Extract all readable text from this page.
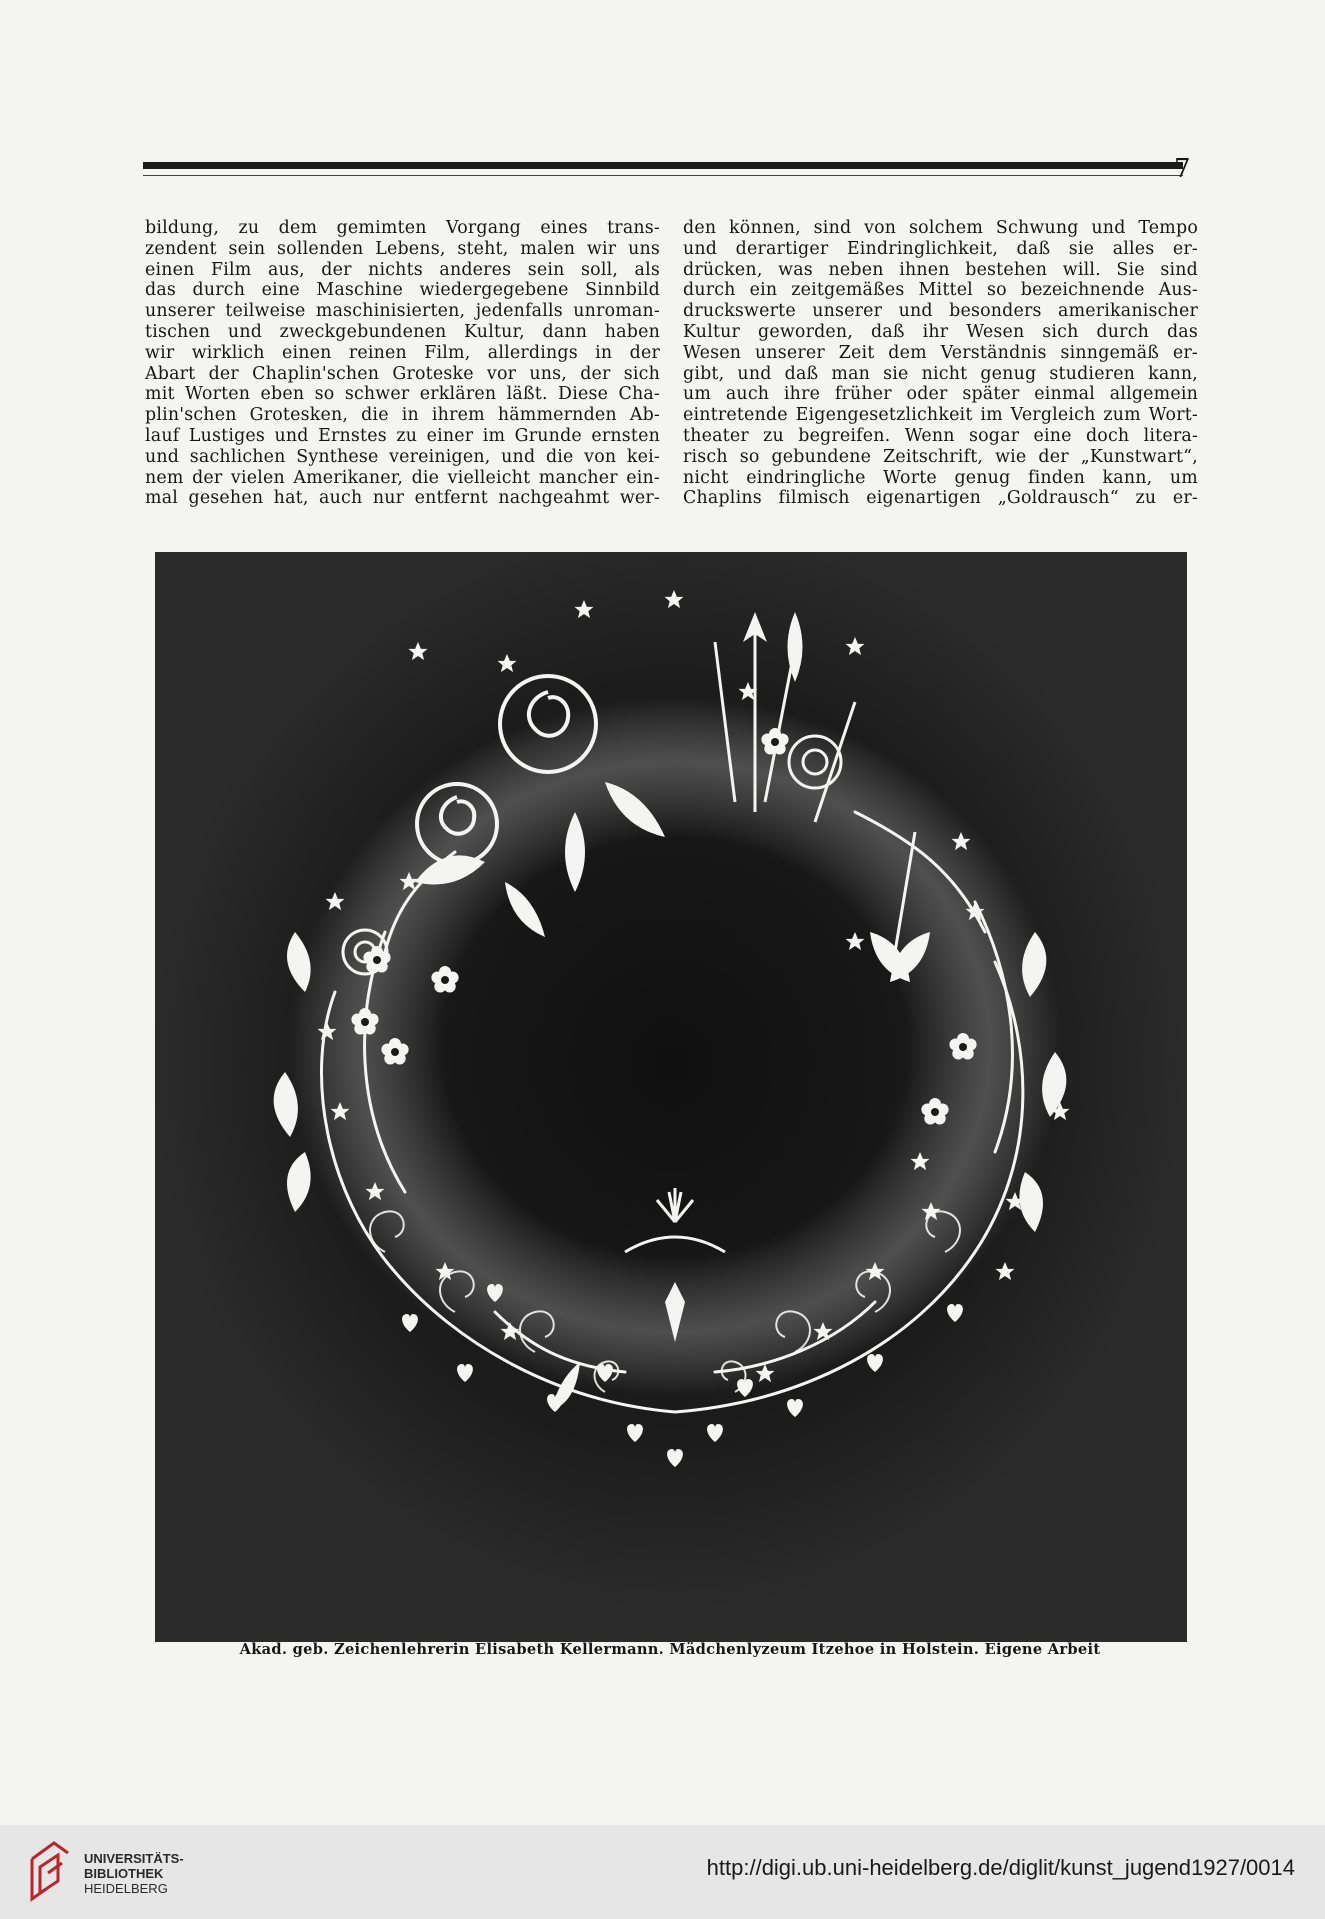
7
bildung, zu dem gemimten Vorgang eines trans-
zendent sein sollenden Lebens, steht, malen wir uns
einen Film aus, der nichts anderes sein soll, als
das durch eine Maschine wiedergegebene Sinnbild
unserer teilweise maschinisierten, jedenfalls unroman-
tischen und zweckgebundenen Kultur, dann haben
wir wirklich einen reinen Film, allerdings in der
Abart der Chaplin'schen Groteske vor uns, der sich
mit Worten eben so schwer erklären läßt. Diese Cha-
plin'schen Grotesken, die in ihrem hämmernden Ab-
lauf Lustiges und Ernstes zu einer im Grunde ernsten
und sachlichen Synthese vereinigen, und die von kei-
nem der vielen Amerikaner, die vielleicht mancher ein-
mal gesehen hat, auch nur entfernt nachgeahmt wer-
den können, sind von solchem Schwung und Tempo
und derartiger Eindringlichkeit, daß sie alles er-
drücken, was neben ihnen bestehen will. Sie sind
durch ein zeitgemäßes Mittel so bezeichnende Aus-
druckswerte unserer und besonders amerikanischer
Kultur geworden, daß ihr Wesen sich durch das
Wesen unserer Zeit dem Verständnis sinngemäß er-
gibt, und daß man sie nicht genug studieren kann,
um auch ihre früher oder später einmal allgemein
eintretende Eigengesetzlichkeit im Vergleich zum Wort-
theater zu begreifen. Wenn sogar eine doch litera-
risch so gebundene Zeitschrift, wie der „Kunstwart“,
nicht eindringliche Worte genug finden kann, um
Chaplins filmisch eigenartigen „Goldrausch“ zu er-
Akad. geb. Zeichenlehrerin Elisabeth Kellermann. Mädchenlyzeum Itzehoe in Holstein. Eigene Arbeit
UNIVERSITÄTS-
BIBLIOTHEK
HEIDELBERG
http://digi.ub.uni-heidelberg.de/diglit/kunst_jugend1927/0014
